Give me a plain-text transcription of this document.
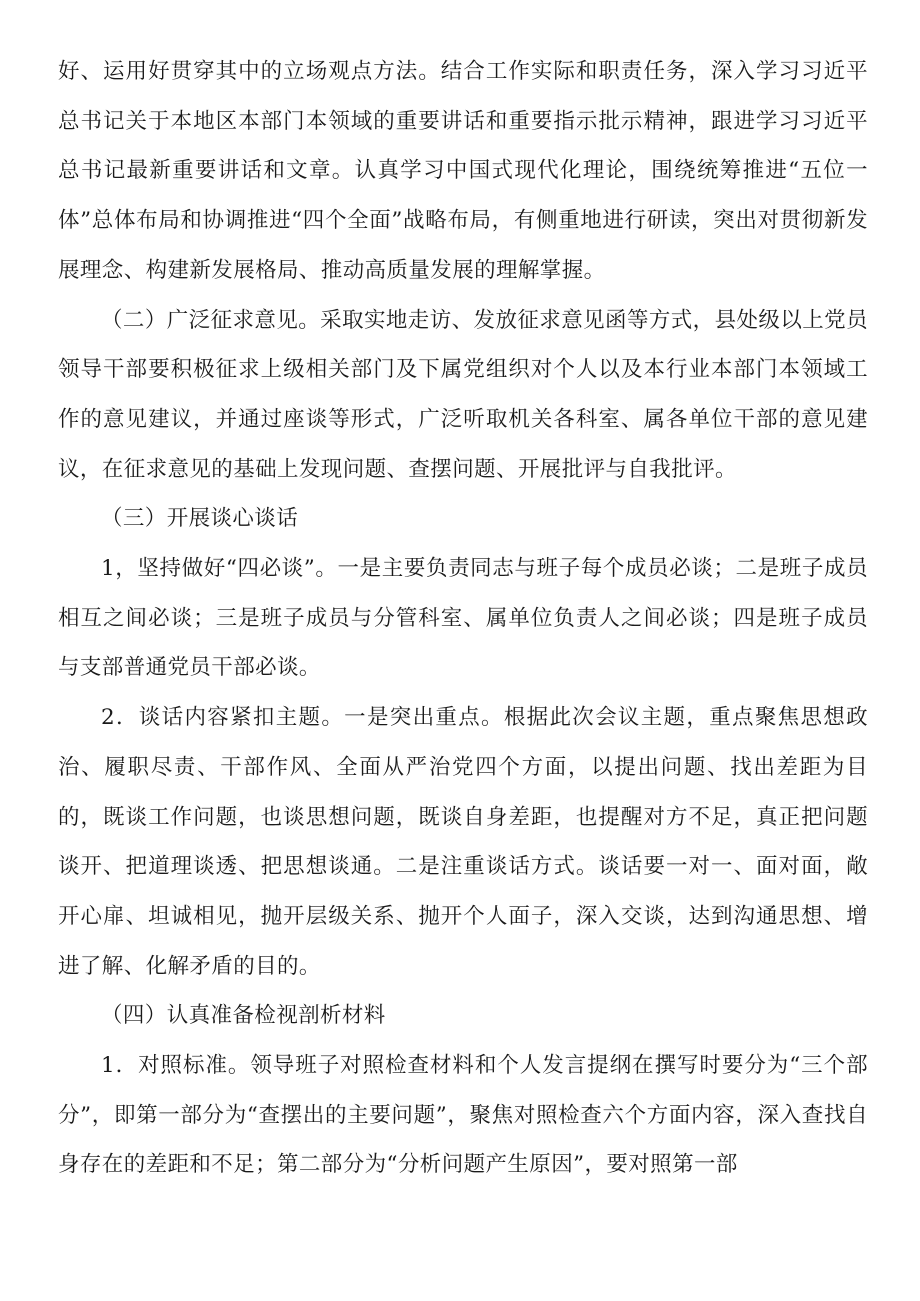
好、运用好贯穿其中的立场观点方法。结合工作实际和职责任务，深入学习习近平总书记关于本地区本部门本领域的重要讲话和重要指示批示精神，跟进学习习近平总书记最新重要讲话和文章。认真学习中国式现代化理论，围绕统筹推进“五位一体”总体布局和协调推进“四个全面”战略布局，有侧重地进行研读，突出对贯彻新发展理念、构建新发展格局、推动高质量发展的理解掌握。

（二）广泛征求意见。采取实地走访、发放征求意见函等方式，县处级以上党员领导干部要积极征求上级相关部门及下属党组织对个人以及本行业本部门本领域工作的意见建议，并通过座谈等形式，广泛听取机关各科室、属各单位干部的意见建议，在征求意见的基础上发现问题、查摆问题、开展批评与自我批评。

（三）开展谈心谈话

1，坚持做好“四必谈”。一是主要负责同志与班子每个成员必谈；二是班子成员相互之间必谈；三是班子成员与分管科室、属单位负责人之间必谈；四是班子成员与支部普通党员干部必谈。

2．谈话内容紧扣主题。一是突出重点。根据此次会议主题，重点聚焦思想政治、履职尽责、干部作风、全面从严治党四个方面，以提出问题、找出差距为目的，既谈工作问题，也谈思想问题，既谈自身差距，也提醒对方不足，真正把问题谈开、把道理谈透、把思想谈通。二是注重谈话方式。谈话要一对一、面对面，敞开心扉、坦诚相见，抛开层级关系、抛开个人面子，深入交谈，达到沟通思想、增进了解、化解矛盾的目的。

（四）认真准备检视剖析材料

1．对照标准。领导班子对照检查材料和个人发言提纲在撰写时要分为“三个部分”，即第一部分为“查摆出的主要问题”，聚焦对照检查六个方面内容，深入查找自身存在的差距和不足；第二部分为“分析问题产生原因”，要对照第一部
